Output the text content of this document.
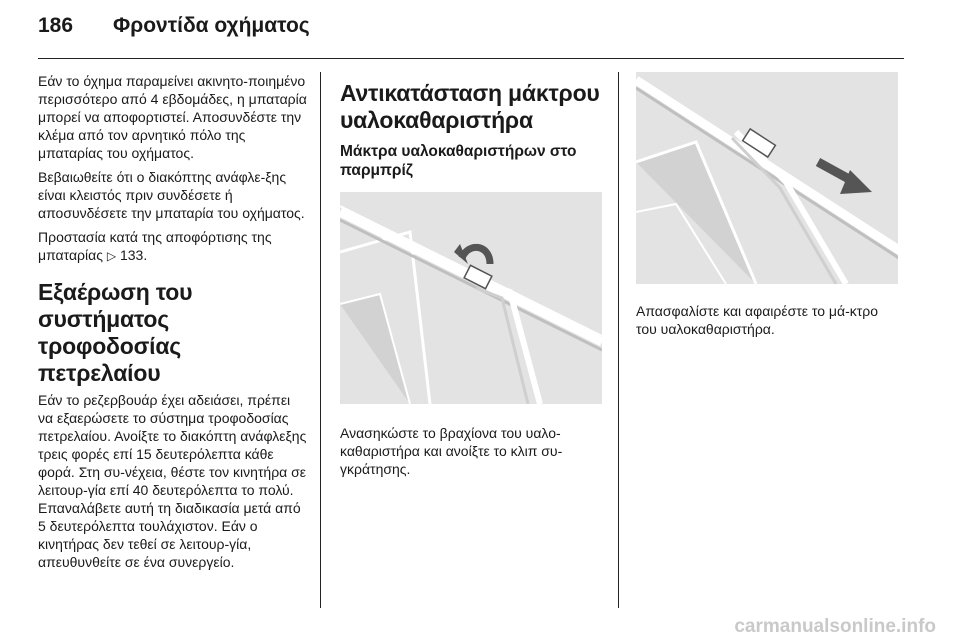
186 Φροντίδα οχήματος

Εάν το όχημα παραμείνει ακινητο-ποιημένο περισσότερο από 4 εβδομάδες, η μπαταρία μπορεί να αποφορτιστεί. Αποσυνδέστε την κλέμα από τον αρνητικό πόλο της μπαταρίας του οχήματος.

Βεβαιωθείτε ότι ο διακόπτης ανάφλε-ξης είναι κλειστός πριν συνδέσετε ή αποσυνδέσετε την μπαταρία του οχήματος.

Προστασία κατά της αποφόρτισης της μπαταρίας ▷ 133.

Εξαέρωση του συστήματος τροφοδοσίας πετρελαίου

Εάν το ρεζερβουάρ έχει αδειάσει, πρέπει να εξαερώσετε το σύστημα τροφοδοσίας πετρελαίου. Ανοίξτε το διακόπτη ανάφλεξης τρεις φορές επί 15 δευτερόλεπτα κάθε φορά. Στη συ-νέχεια, θέστε τον κινητήρα σε λειτουρ-γία επί 40 δευτερόλεπτα το πολύ. Επαναλάβετε αυτή τη διαδικασία μετά από 5 δευτερόλεπτα τουλάχιστον. Εάν ο κινητήρας δεν τεθεί σε λειτουρ-γία, απευθυνθείτε σε ένα συνεργείο.

Αντικατάσταση μάκτρου υαλοκαθαριστήρα
Μάκτρα υαλοκαθαριστήρων στο παρμπρίζ

Ανασηκώστε το βραχίονα του υαλο-καθαριστήρα και ανοίξτε το κλιπ συ-γκράτησης.

Απασφαλίστε και αφαιρέστε το μά-κτρο του υαλοκαθαριστήρα.

carmanualsonline.info
